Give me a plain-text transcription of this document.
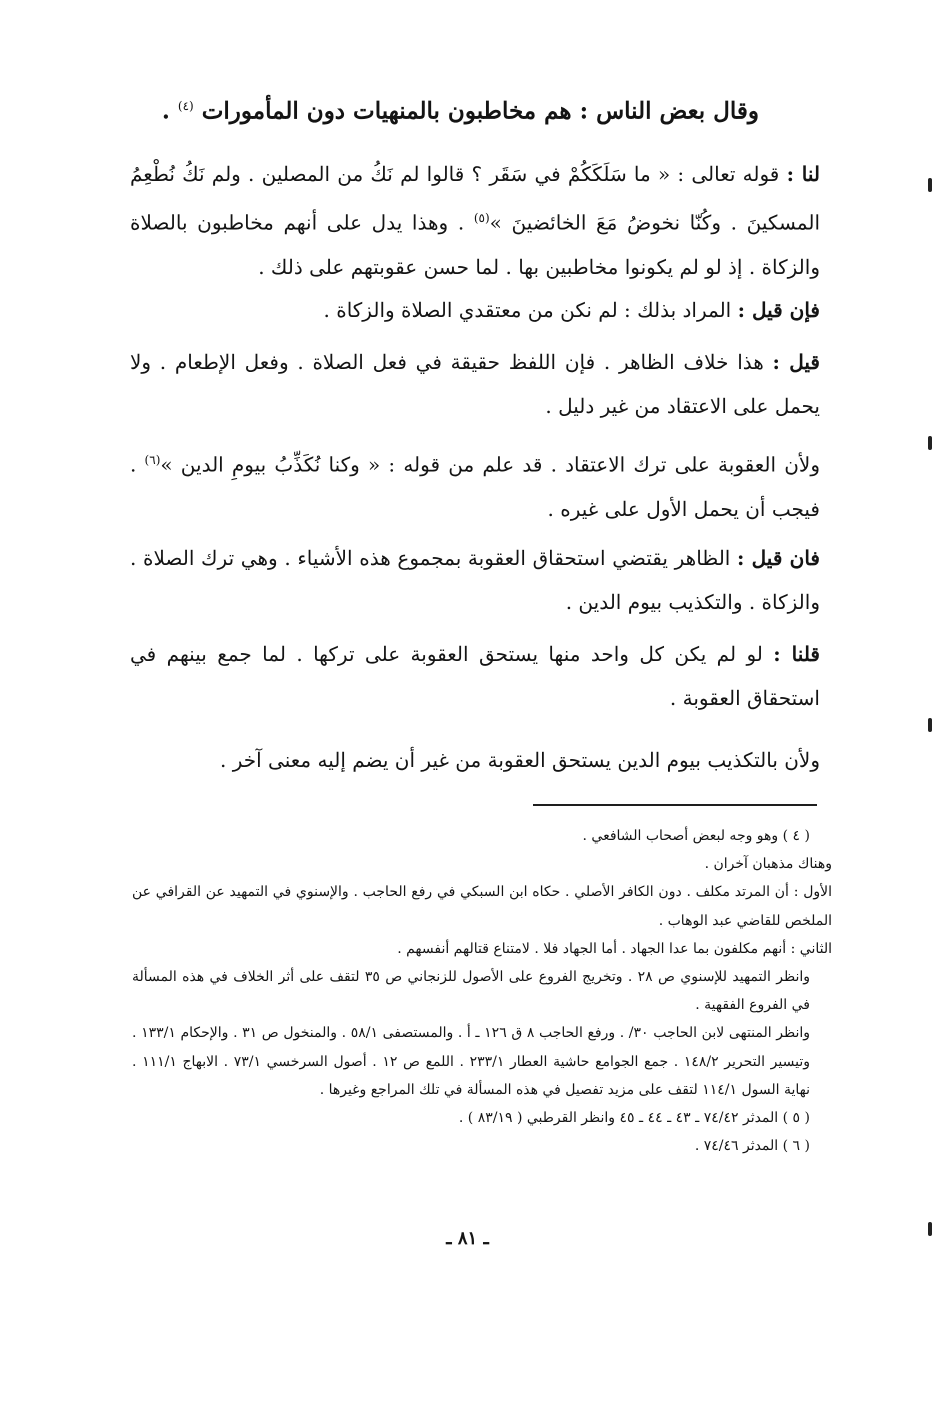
وقال بعض الناس : هم مخاطبون بالمنهيات دون المأمورات $^{(٤)}$ .

لنا : قوله تعالى : « ما سَلَكَكُمْ في سَقَر ؟ قالوا لم نَكُ من المصلين . ولم نَكُ نُطْعِمُ المسكينَ . وكُنّا نخوضُ مَعَ الخائضينَ »$^{(٥)}$ . وهذا يدل على أنهم مخاطبون بالصلاة والزكاة . إذ لو لم يكونوا مخاطبين بها . لما حسن عقوبتهم على ذلك .

فإن قيل : المراد بذلك : لم نكن من معتقدي الصلاة والزكاة .

قيل : هذا خلاف الظاهر . فإن اللفظ حقيقة في فعل الصلاة . وفعل الإطعام . ولا يحمل على الاعتقاد من غير دليل .

ولأن العقوبة على ترك الاعتقاد . قد علم من قوله : « وكنا نُكَذِّبُ بيومِ الدين »$^{(٦)}$ . فيجب أن يحمل الأول على غيره .

فان قيل : الظاهر يقتضي استحقاق العقوبة بمجموع هذه الأشياء . وهي ترك الصلاة . والزكاة . والتكذيب بيوم الدين .

قلنا : لو لم يكن كل واحد منها يستحق العقوبة على تركها . لما جمع بينهم في استحقاق العقوبة .

ولأن بالتكذيب بيوم الدين يستحق العقوبة من غير أن يضم إليه معنى آخر .

( ٤ ) وهو وجه لبعض أصحاب الشافعي .

وهناك مذهبان آخران .

الأول : أن المرتد مكلف . دون الكافر الأصلي . حكاه ابن السبكي في رفع الحاجب . والإسنوي في التمهيد عن القرافي عن الملخص للقاضي عبد الوهاب .

الثاني : أنهم مكلفون بما عدا الجهاد . أما الجهاد فلا . لامتناع قتالهم أنفسهم .

وانظر التمهيد للإسنوي ص ٢٨ . وتخريج الفروع على الأصول للزنجاني ص ٣٥ لتقف على أثر الخلاف في هذه المسألة في الفروع الفقهية .

وانظر المنتهى لابن الحاجب ٣٠/ . ورفع الحاجب ٨ ق ١٢٦ ـ أ . والمستصفى ٥٨/١ . والمنخول ص ٣١ . والإحكام ١٣٣/١ . وتيسير التحرير ١٤٨/٢ . جمع الجوامع حاشية العطار ٢٣٣/١ . اللمع ص ١٢ . أصول السرخسي ٧٣/١ . الابهاج ١١١/١ . نهاية السول ١١٤/١ لتقف على مزيد تفصيل في هذه المسألة في تلك المراجع وغيرها .

( ٥ ) المدثر ٧٤/٤٢ ـ ٤٣ ـ ٤٤ ـ ٤٥ وانظر القرطبي ( ٨٣/١٩ ) .

( ٦ ) المدثر ٧٤/٤٦ .

ـ ٨١ ـ
